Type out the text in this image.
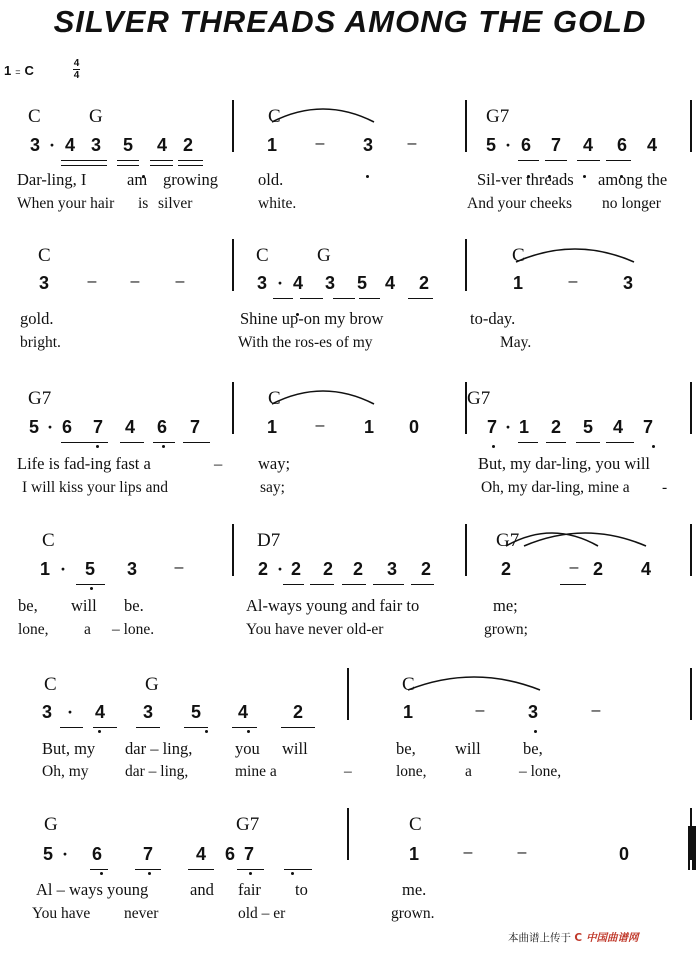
SILVER THREADS AMONG THE GOLD
1 = C	4
4
C	G	C	G7
3 · 4 3 5 4 2	1 – 3 –	5 · 6 7 4 6 4
Dar-ling, I am growing old.	Sil-ver threads among the
When your hair is silver	white.	And your cheeks no longer
C	C	G	C
3 – – –	3 · 4 3 5 4 2	1	–	3
gold.	Shine up-on my brow	to-day.
bright.	With the ros-es of my	May.
G7	C	G7
5 · 6 7 4 6 7	1 – 1 0	7 · 1 2 5 4 7
Life is fad-ing fast a	– way;	But, my dar-ling, you will
I will kiss your lips and	say;	Oh, my dar-ling, mine a -
C	D7	G7
1 · 5 3 –	2 · 2 2 2 3 2	2	– 2 4
be, will be.	Al-ways young and fair to	me;
lone, a – lone.	You have never old-er	grown;
C	G	C
3 · 4 3 5 4 2	1	– 3	–
But, my dar – ling,	you will	be, will	be,
Oh, my dar – ling,	mine a	–	lone, a	– lone,
G	G7	C
5 · 6 7 4 6 7	1	–	–	0
Al – ways young	and fair to	me.
You have never	old – er	grown.
本曲谱上传于 C 中国曲谱网
